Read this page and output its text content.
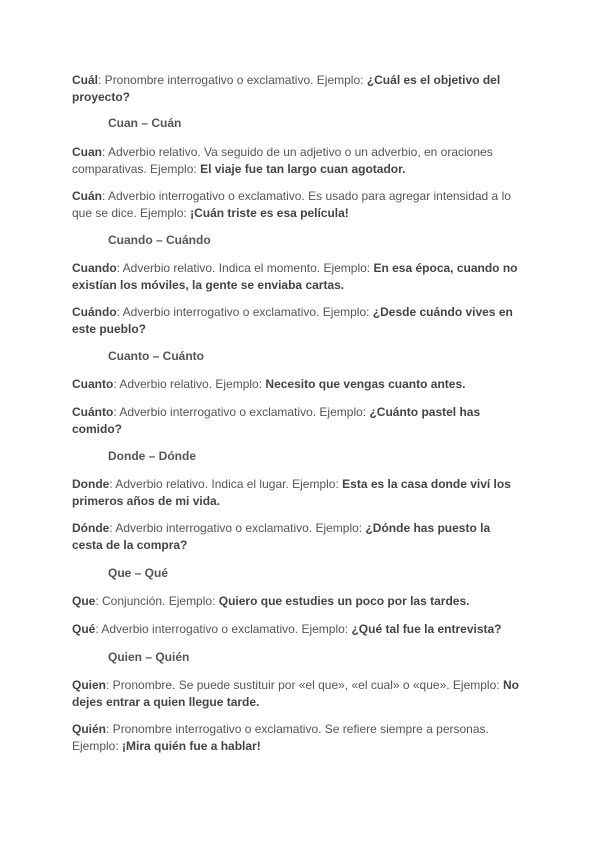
Cuál: Pronombre interrogativo o exclamativo. Ejemplo: ¿Cuál es el objetivo del proyecto?
Cuan – Cuán
Cuan: Adverbio relativo. Va seguido de un adjetivo o un adverbio, en oraciones comparativas. Ejemplo: El viaje fue tan largo cuan agotador.
Cuán: Adverbio interrogativo o exclamativo. Es usado para agregar intensidad a lo que se dice. Ejemplo: ¡Cuán triste es esa película!
Cuando – Cuándo
Cuando: Adverbio relativo. Indica el momento. Ejemplo: En esa época, cuando no existían los móviles, la gente se enviaba cartas.
Cuándo: Adverbio interrogativo o exclamativo. Ejemplo: ¿Desde cuándo vives en este pueblo?
Cuanto – Cuánto
Cuanto: Adverbio relativo. Ejemplo: Necesito que vengas cuanto antes.
Cuánto: Adverbio interrogativo o exclamativo. Ejemplo: ¿Cuánto pastel has comido?
Donde – Dónde
Donde: Adverbio relativo. Indica el lugar. Ejemplo: Esta es la casa donde viví los primeros años de mi vida.
Dónde: Adverbio interrogativo o exclamativo. Ejemplo: ¿Dónde has puesto la cesta de la compra?
Que – Qué
Que: Conjunción. Ejemplo: Quiero que estudies un poco por las tardes.
Qué: Adverbio interrogativo o exclamativo. Ejemplo: ¿Qué tal fue la entrevista?
Quien – Quién
Quien: Pronombre. Se puede sustituir por «el que», «el cual» o «que». Ejemplo: No dejes entrar a quien llegue tarde.
Quién: Pronombre interrogativo o exclamativo. Se refiere siempre a personas. Ejemplo: ¡Mira quién fue a hablar!
